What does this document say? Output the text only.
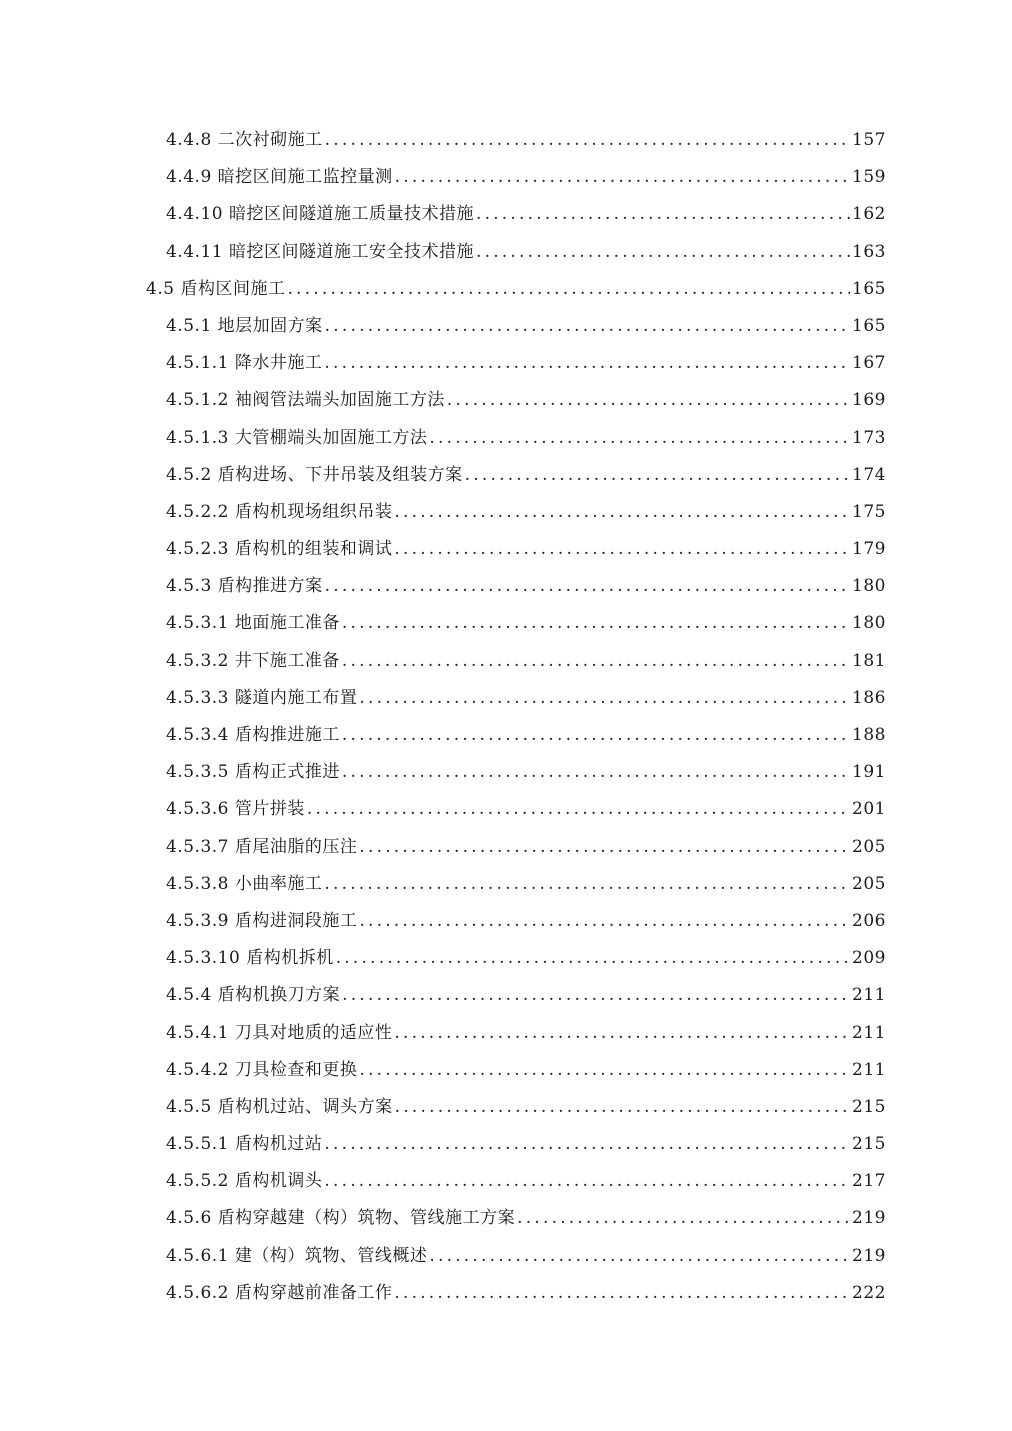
4.4.8 二次衬砌施工 .....	157
4.4.9 暗挖区间施工监控量测 .....	159
4.4.10 暗挖区间隧道施工质量技术措施 .....	162
4.4.11 暗挖区间隧道施工安全技术措施 .....	163
4.5 盾构区间施工 .....	165
4.5.1 地层加固方案 .....	165
4.5.1.1 降水井施工 .....	167
4.5.1.2 袖阀管法端头加固施工方法 .....	169
4.5.1.3 大管棚端头加固施工方法 .....	173
4.5.2 盾构进场、下井吊装及组装方案 .....	174
4.5.2.2 盾构机现场组织吊装 .....	175
4.5.2.3 盾构机的组装和调试 .....	179
4.5.3 盾构推进方案 .....	180
4.5.3.1 地面施工准备 .....	180
4.5.3.2 井下施工准备 .....	181
4.5.3.3 隧道内施工布置 .....	186
4.5.3.4 盾构推进施工 .....	188
4.5.3.5 盾构正式推进 .....	191
4.5.3.6 管片拼装 .....	201
4.5.3.7 盾尾油脂的压注 .....	205
4.5.3.8 小曲率施工 .....	205
4.5.3.9 盾构进洞段施工 .....	206
4.5.3.10 盾构机拆机 .....	209
4.5.4 盾构机换刀方案 .....	211
4.5.4.1 刀具对地质的适应性 .....	211
4.5.4.2 刀具检查和更换 .....	211
4.5.5 盾构机过站、调头方案 .....	215
4.5.5.1 盾构机过站 .....	215
4.5.5.2 盾构机调头 .....	217
4.5.6 盾构穿越建（构）筑物、管线施工方案 .....	219
4.5.6.1 建（构）筑物、管线概述 .....	219
4.5.6.2 盾构穿越前准备工作 .....	222
